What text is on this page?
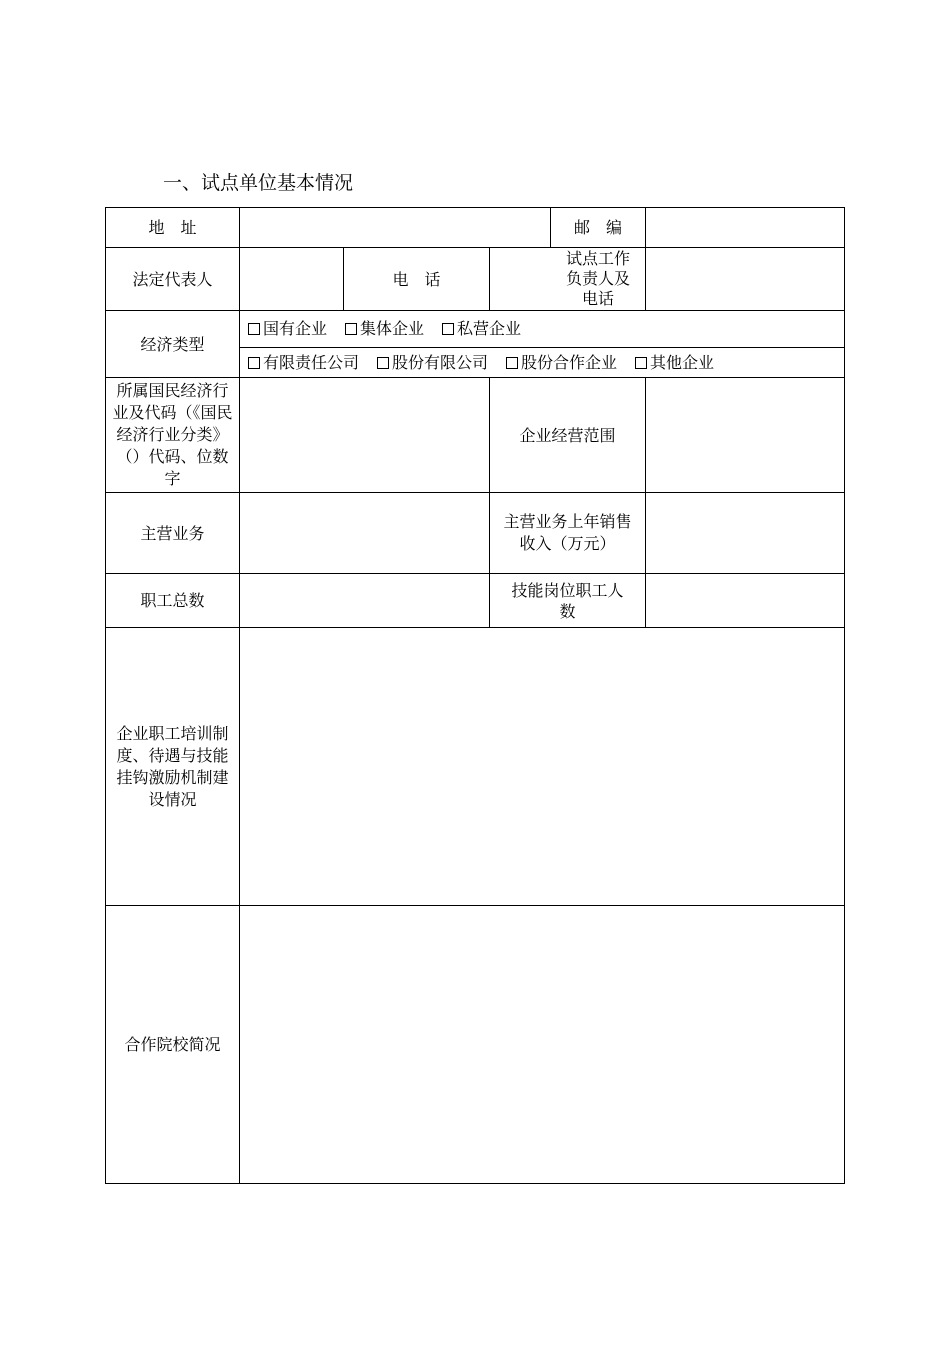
一、试点单位基本情况
地　址	邮　编
法定代表人	电　话
试点工作负责人及电话
经济类型
国有企业 集体企业 私营企业
有限责任公司 股份有限公司 股份合作企业 其他企业
所属国民经济行业及代码（《国民经济行业分类》（）代码、位数字
企业经营范围
主营业务
主营业务上年销售收入（万元）
职工总数
技能岗位职工人数
企业职工培训制度、待遇与技能挂钩激励机制建设情况
合作院校简况
